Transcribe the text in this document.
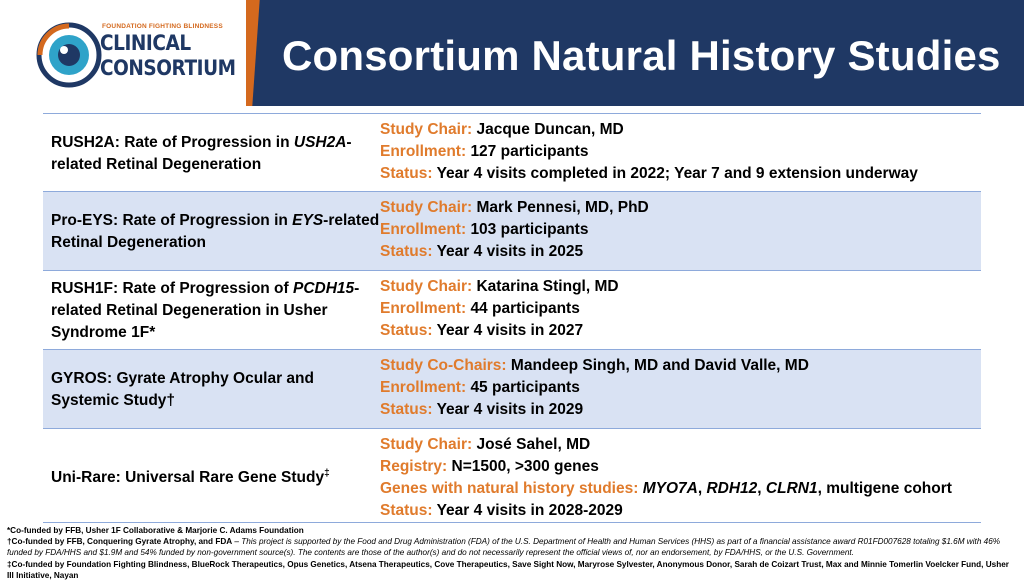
FOUNDATION FIGHTING BLINDNESS
CLINICAL
CONSORTIUM Consortium Natural History Studies
RUSH2A: Rate of Progression in USH2A-related Retinal Degeneration
Study Chair: Jacque Duncan, MD
Enrollment: 127 participants
Status: Year 4 visits completed in 2022; Year 7 and 9 extension underway
Pro-EYS: Rate of Progression in EYS-related Retinal Degeneration
Study Chair: Mark Pennesi, MD, PhD
Enrollment: 103 participants
Status: Year 4 visits in 2025
RUSH1F: Rate of Progression of PCDH15-related Retinal Degeneration in Usher Syndrome 1F*
Study Chair: Katarina Stingl, MD
Enrollment: 44 participants
Status: Year 4 visits in 2027
GYROS: Gyrate Atrophy Ocular and Systemic Study†
Study Co-Chairs: Mandeep Singh, MD and David Valle, MD
Enrollment: 45 participants
Status: Year 4 visits in 2029
Uni-Rare: Universal Rare Gene Study‡
Study Chair: José Sahel, MD
Registry: N=1500, >300 genes
Genes with natural history studies: MYO7A, RDH12, CLRN1, multigene cohort
Status: Year 4 visits in 2028-2029
*Co-funded by FFB, Usher 1F Collaborative & Marjorie C. Adams Foundation
†Co-funded by FFB, Conquering Gyrate Atrophy, and FDA – This project is supported by the Food and Drug Administration (FDA) of the U.S. Department of Health and Human Services (HHS) as part of a financial assistance award R01FD007628 totaling $1.6M with 46% funded by FDA/HHS and $1.9M and 54% funded by non-government source(s). The contents are those of the author(s) and do not necessarily represent the official views of, nor an endorsement, by FDA/HHS, or the U.S. Government.
‡Co-funded by Foundation Fighting Blindness, BlueRock Therapeutics, Opus Genetics, Atsena Therapeutics, Cove Therapeutics, Save Sight Now, Maryrose Sylvester, Anonymous Donor, Sarah de Coizart Trust, Max and Minnie Tomerlin Voelcker Fund, Usher III Initiative, Nayan
